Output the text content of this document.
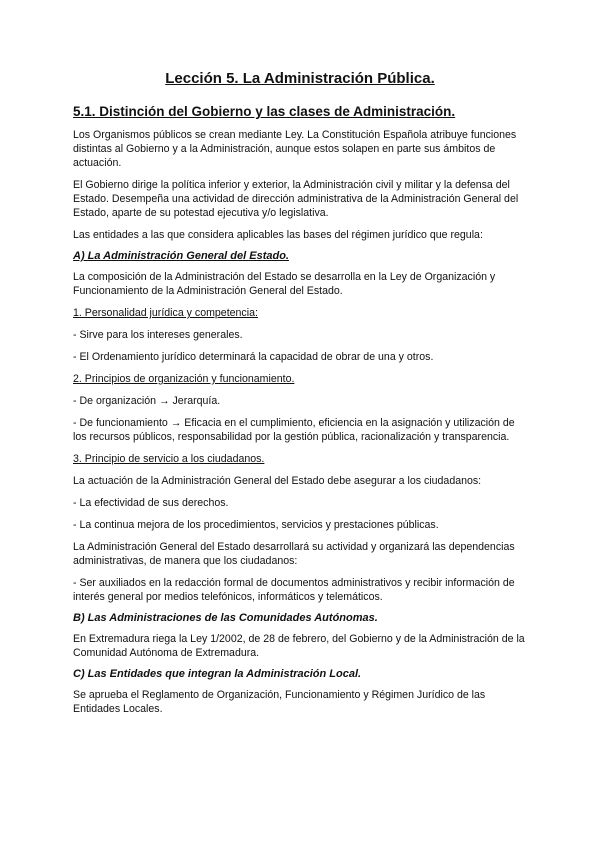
Lección 5. La Administración Pública.
5.1. Distinción del Gobierno y las clases de Administración.

Los Organismos públicos se crean mediante Ley. La Constitución Española atribuye funciones distintas al Gobierno y a la Administración, aunque estos solapen en parte sus ámbitos de actuación.

El Gobierno dirige la política inferior y exterior, la Administración civil y militar y la defensa del Estado. Desempeña una actividad de dirección administrativa de la Administración General del Estado, aparte de su potestad ejecutiva y/o legislativa.

Las entidades a las que considera aplicables las bases del régimen jurídico que regula:

A) La Administración General del Estado.

La composición de la Administración del Estado se desarrolla en la Ley de Organización y Funcionamiento de la Administración General del Estado.

1. Personalidad jurídica y competencia:

- Sirve para los intereses generales.

- El Ordenamiento jurídico determinará la capacidad de obrar de una y otros.

2. Principios de organización y funcionamiento.

- De organización → Jerarquía.

- De funcionamiento → Eficacia en el cumplimiento, eficiencia en la asignación y utilización de los recursos públicos, responsabilidad por la gestión pública, racionalización y transparencia.

3. Principio de servicio a los ciudadanos.

La actuación de la Administración General del Estado debe asegurar a los ciudadanos:

- La efectividad de sus derechos.

- La continua mejora de los procedimientos, servicios y prestaciones públicas.

La Administración General del Estado desarrollará su actividad y organizará las dependencias administrativas, de manera que los ciudadanos:

- Ser auxiliados en la redacción formal de documentos administrativos y recibir información de interés general por medios telefónicos, informáticos y telemáticos.

B) Las Administraciones de las Comunidades Autónomas.

En Extremadura riega la Ley 1/2002, de 28 de febrero, del Gobierno y de la Administración de la Comunidad Autónoma de Extremadura.

C) Las Entidades que integran la Administración Local.

Se aprueba el Reglamento de Organización, Funcionamiento y Régimen Jurídico de las Entidades Locales.
